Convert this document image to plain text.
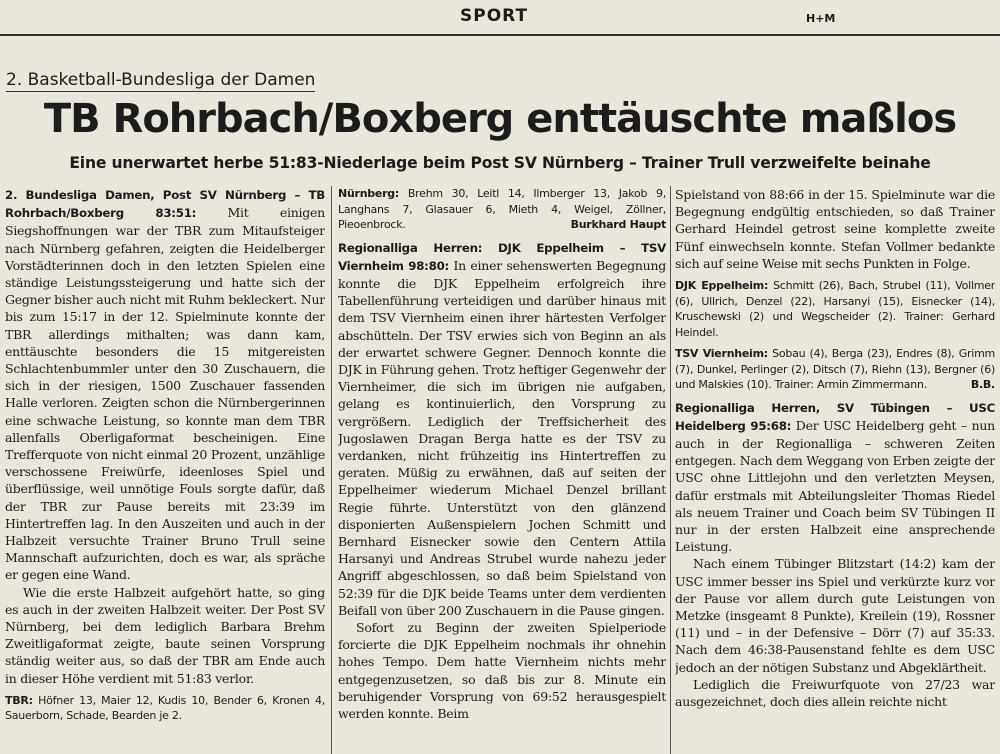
SPORT	H+M
2. Basketball-Bundesliga der Damen
TB Rohrbach/Boxberg enttäuschte maßlos
Eine unerwartet herbe 51:83-Niederlage beim Post SV Nürnberg – Trainer Trull verzweifelte beinahe

2. Bundesliga Damen, Post SV Nürnberg – TB Rohrbach/Boxberg 83:51:	Mit einigen Siegshoffnungen war der TBR zum Mitaufsteiger nach Nürnberg gefahren, zeigten die Heidelberger Vorstädterinnen doch in den letzten Spielen eine ständige Leistungssteigerung und hatte sich der Gegner bisher auch nicht mit Ruhm bekleckert. Nur bis zum 15:17 in der 12. Spielminute konnte der TBR allerdings mithalten; was dann kam, enttäuschte besonders die 15 mitgereisten Schlachtenbummler unter den 30 Zuschauern, die sich in der riesigen, 1500 Zuschauer fassenden Halle verloren. Zeigten schon die Nürnbergerinnen eine schwache Leistung, so konnte man dem TBR allenfalls Oberligaformat bescheinigen. Eine Trefferquote von nicht einmal 20 Prozent, unzählige verschossene Freiwürfe, ideenloses Spiel und überflüssige, weil unnötige Fouls sorgte dafür, daß der TBR zur Pause bereits mit 23:39 im Hintertreffen lag. In den Auszeiten und auch in der Halbzeit versuchte Trainer Bruno Trull seine Mannschaft aufzurichten, doch es war, als spräche er gegen eine Wand.

Wie die erste Halbzeit aufgehört hatte, so ging es auch in der zweiten Halbzeit weiter. Der Post SV Nürnberg, bei dem lediglich Barbara Brehm Zweitligaformat zeigte, baute seinen Vorsprung ständig weiter aus, so daß der TBR am Ende auch in dieser Höhe verdient mit 51:83 verlor.

TBR: Höfner 13, Maier 12, Kudis 10, Bender 6, Kronen 4, Sauerborn, Schade, Bearden je 2.

Nürnberg: Brehm 30, Leitl 14, Ilmberger 13, Jakob 9, Langhans 7, Glasauer 6, Mieth 4, Weigel, Zöllner, Pieoenbrock.	Burkhard Haupt

Regionalliga Herren: DJK Eppelheim – TSV Viernheim 98:80: In einer sehenswerten Begegnung konnte die DJK Eppelheim erfolgreich ihre Tabellenführung verteidigen und darüber hinaus mit dem TSV Viernheim einen ihrer härtesten Verfolger abschütteln. Der TSV erwies sich von Beginn an als der erwartet schwere Gegner. Dennoch konnte die DJK in Führung gehen. Trotz heftiger Gegenwehr der Viernheimer, die sich im übrigen nie aufgaben, gelang es kontinuierlich, den Vorsprung zu vergrößern. Lediglich der Treffsicherheit des Jugoslawen Dragan Berga hatte es der TSV zu verdanken, nicht frühzeitig ins Hintertreffen zu geraten. Müßig zu erwähnen, daß auf seiten der Eppelheimer wiederum Michael Denzel brillant Regie führte. Unterstützt von den glänzend disponierten Außenspielern Jochen Schmitt und Bernhard Eisnecker sowie den Centern Attila Harsanyi und Andreas Strubel wurde nahezu jeder Angriff abgeschlossen, so daß beim Spielstand von 52:39 für die DJK beide Teams unter dem verdienten Beifall von über 200 Zuschauern in die Pause gingen.

Sofort zu Beginn der zweiten Spielperiode forcierte die DJK Eppelheim nochmals ihr ohnehin hohes Tempo. Dem hatte Viernheim nichts mehr entgegenzusetzen, so daß bis zur 8. Minute ein beruhigender Vorsprung von 69:52 herausgespielt werden konnte. Beim

Spielstand von 88:66 in der 15. Spielminute war die Begegnung endgültig entschieden, so daß Trainer Gerhard Heindel getrost seine komplette zweite Fünf einwechseln konnte. Stefan Vollmer bedankte sich auf seine Weise mit sechs Punkten in Folge.

DJK Eppelheim: Schmitt (26), Bach, Strubel (11), Vollmer (6), Ullrich, Denzel (22), Harsanyi (15), Eisnecker (14), Kruschewski (2) und Wegscheider (2). Trainer: Gerhard Heindel.

TSV Viernheim: Sobau (4), Berga (23), Endres (8), Grimm (7), Dunkel, Perlinger (2), Ditsch (7), Riehn (13), Bergner (6) und Malskies (10). Trainer: Armin Zimmermann.	B.B.

Regionalliga Herren, SV Tübingen – USC Heidelberg 95:68: Der USC Heidelberg geht – nun auch in der Regionalliga – schweren Zeiten entgegen. Nach dem Weggang von Erben zeigte der USC ohne Littlejohn und den verletzten Meysen, dafür erstmals mit Abteilungsleiter Thomas Riedel als neuem Trainer und Coach beim SV Tübingen II nur in der ersten Halbzeit eine ansprechende Leistung.

Nach einem Tübinger Blitzstart (14:2) kam der USC immer besser ins Spiel und verkürzte kurz vor der Pause vor allem durch gute Leistungen von Metzke (insgeamt 8 Punkte), Kreilein (19), Rossner (11) und – in der Defensive – Dörr (7) auf 35:33. Nach dem 46:38-Pausenstand fehlte es dem USC jedoch an der nötigen Substanz und Abgeklärtheit.

Lediglich die Freiwurfquote von 27/23 war ausgezeichnet, doch dies allein reichte nicht
